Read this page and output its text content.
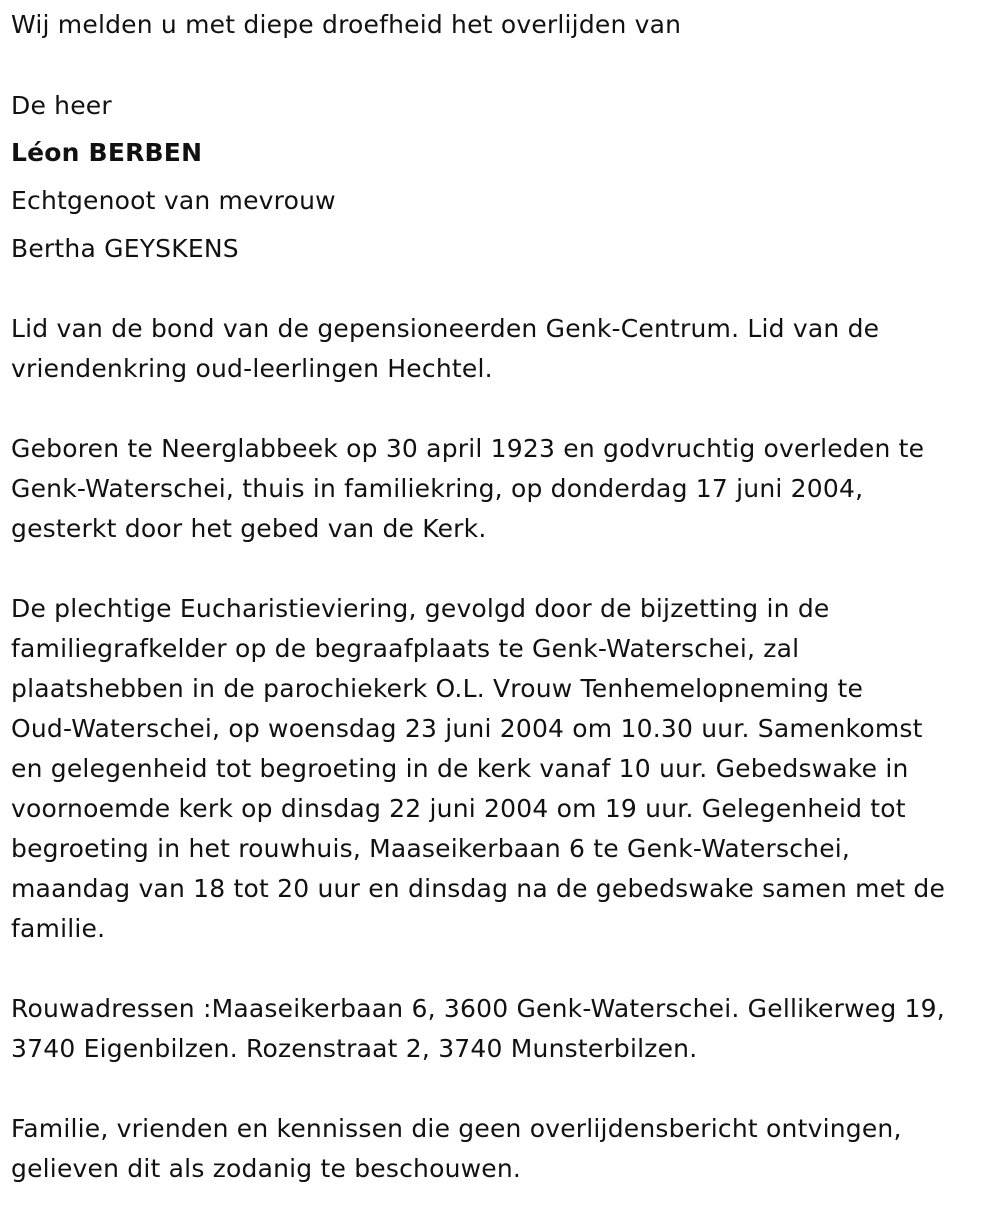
Wij melden u met diepe droefheid het overlijden van
De heer
Léon BERBEN
Echtgenoot van mevrouw
Bertha GEYSKENS
Lid van de bond van de gepensioneerden Genk-Centrum. Lid van de
vriendenkring oud-leerlingen Hechtel.
Geboren te Neerglabbeek op 30 april 1923 en godvruchtig overleden te
Genk-Waterschei, thuis in familiekring, op donderdag 17 juni 2004,
gesterkt door het gebed van de Kerk.
De plechtige Eucharistieviering, gevolgd door de bijzetting in de
familiegrafkelder op de begraafplaats te Genk-Waterschei, zal
plaatshebben in de parochiekerk O.L. Vrouw Tenhemelopneming te
Oud-Waterschei, op woensdag 23 juni 2004 om 10.30 uur. Samenkomst
en gelegenheid tot begroeting in de kerk vanaf 10 uur. Gebedswake in
voornoemde kerk op dinsdag 22 juni 2004 om 19 uur. Gelegenheid tot
begroeting in het rouwhuis, Maaseikerbaan 6 te Genk-Waterschei,
maandag van 18 tot 20 uur en dinsdag na de gebedswake samen met de
familie.
Rouwadressen :Maaseikerbaan 6, 3600 Genk-Waterschei. Gellikerweg 19,
3740 Eigenbilzen. Rozenstraat 2, 3740 Munsterbilzen.
Familie, vrienden en kennissen die geen overlijdensbericht ontvingen,
gelieven dit als zodanig te beschouwen.
